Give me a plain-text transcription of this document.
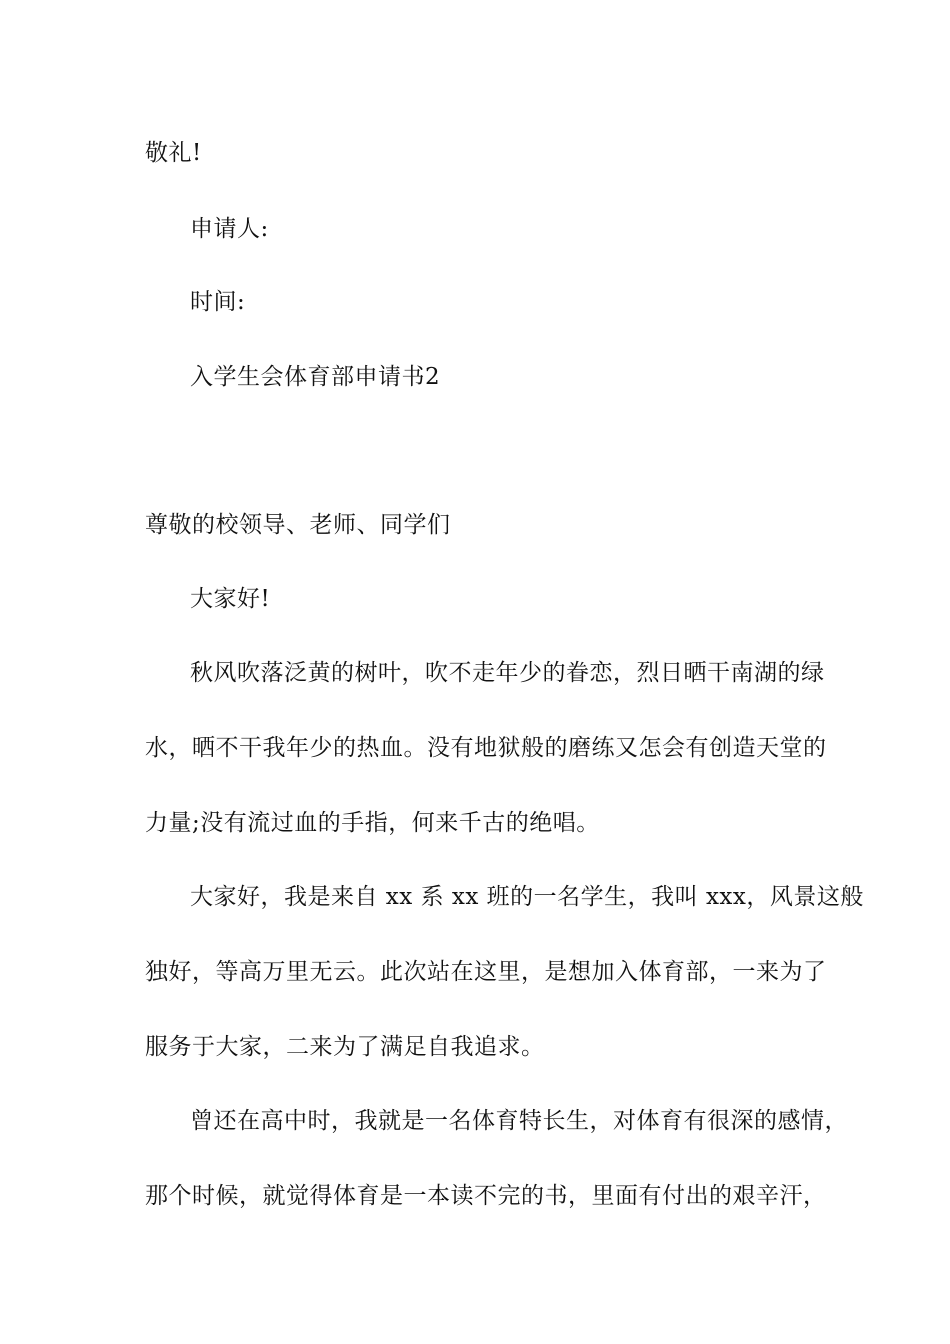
敬礼!
申请人:
时间:
入学生会体育部申请书2
尊敬的校领导、老师、同学们
大家好!
秋风吹落泛黄的树叶，吹不走年少的眷恋，烈日晒干南湖的绿
水，晒不干我年少的热血。没有地狱般的磨练又怎会有创造天堂的
力量;没有流过血的手指，何来千古的绝唱。
大家好，我是来自 xx 系 xx 班的一名学生，我叫 xxx，风景这般
独好，等高万里无云。此次站在这里，是想加入体育部，一来为了
服务于大家，二来为了满足自我追求。
曾还在高中时，我就是一名体育特长生，对体育有很深的感情，
那个时候，就觉得体育是一本读不完的书，里面有付出的艰辛汗，
